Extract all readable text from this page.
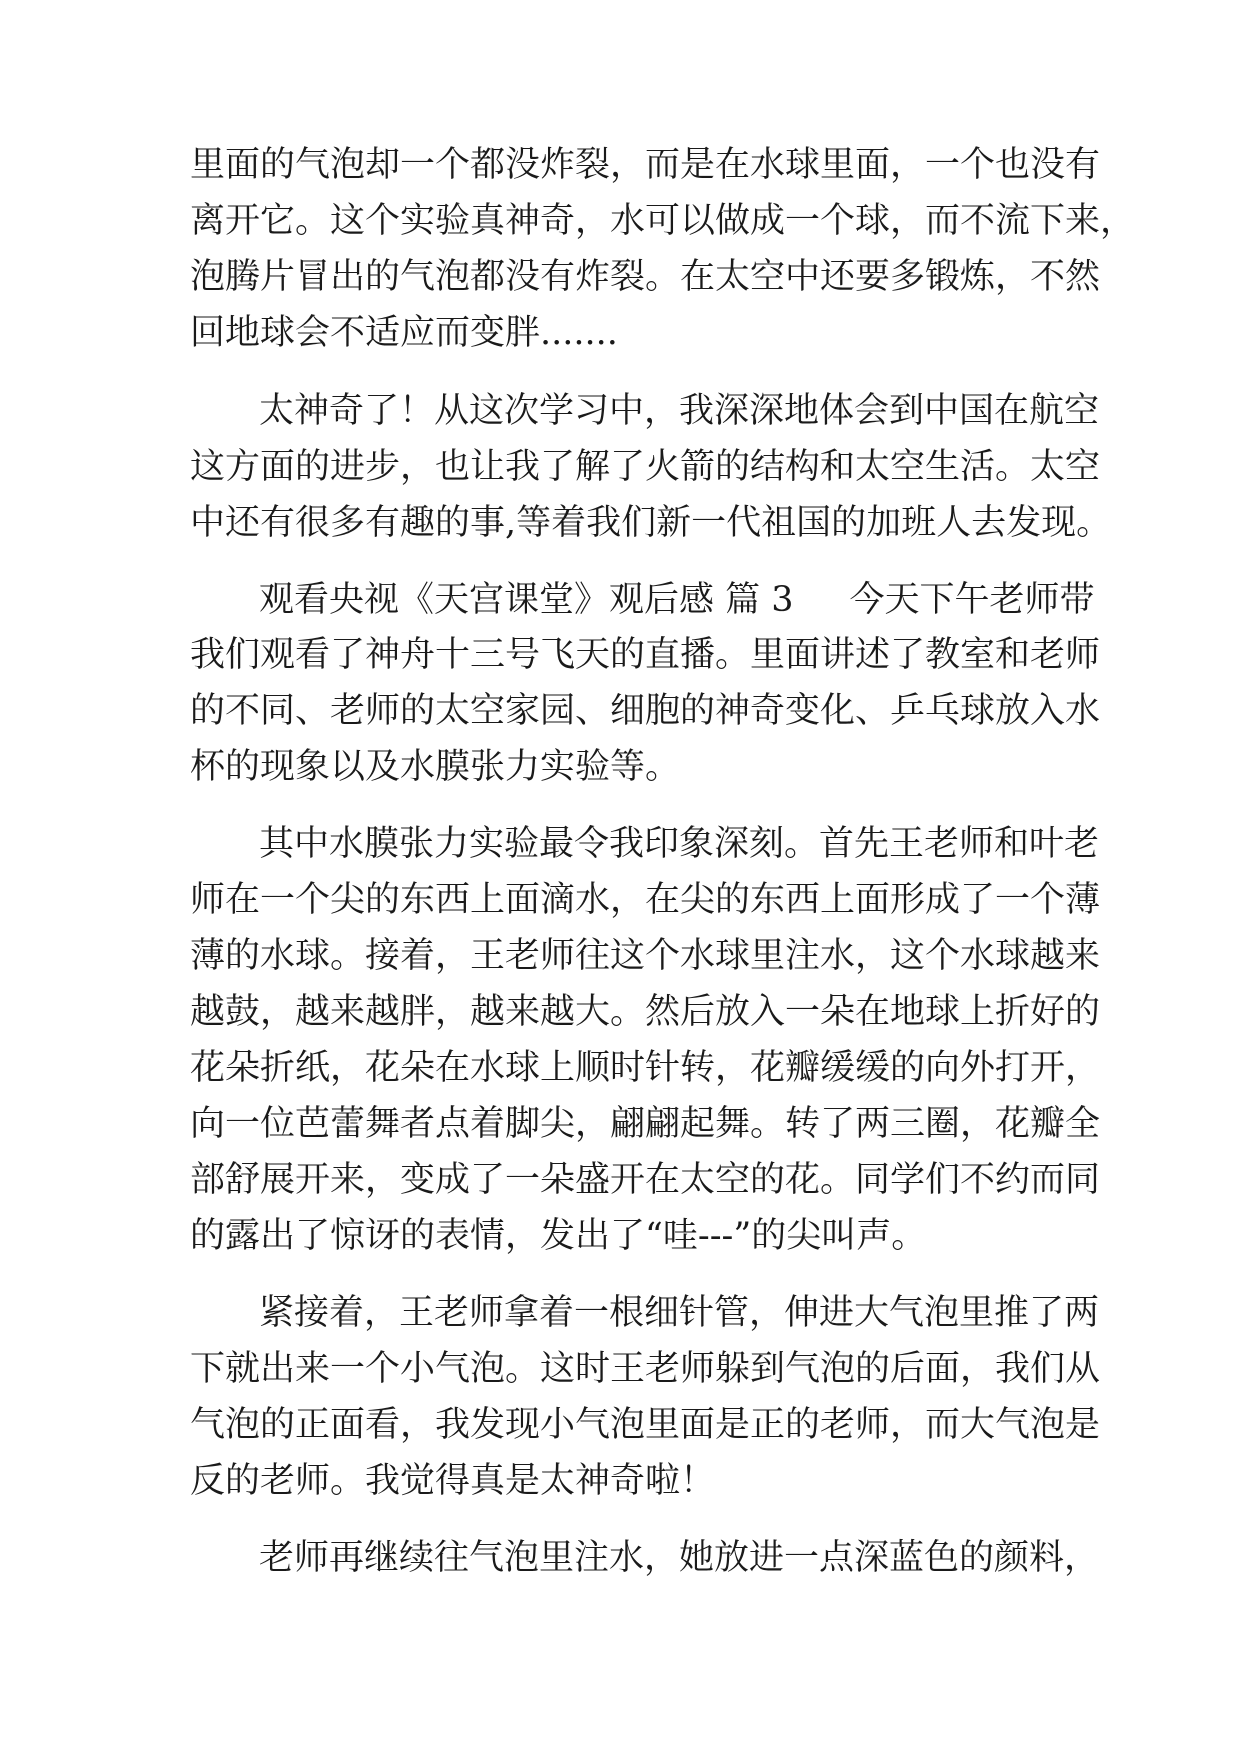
里面的气泡却一个都没炸裂，而是在水球里面，一个也没有
离开它。这个实验真神奇，水可以做成一个球，而不流下来，
泡腾片冒出的气泡都没有炸裂。在太空中还要多锻炼，不然
回地球会不适应而变胖.......
太神奇了！从这次学习中，我深深地体会到中国在航空
这方面的进步，也让我了解了火箭的结构和太空生活。太空
中还有很多有趣的事,等着我们新一代祖国的加班人去发现。
观看央视《天宫课堂》观后感 篇 3 今天下午老师带
我们观看了神舟十三号飞天的直播。里面讲述了教室和老师
的不同、老师的太空家园、细胞的神奇变化、乒乓球放入水
杯的现象以及水膜张力实验等。
其中水膜张力实验最令我印象深刻。首先王老师和叶老
师在一个尖的东西上面滴水，在尖的东西上面形成了一个薄
薄的水球。接着，王老师往这个水球里注水，这个水球越来
越鼓，越来越胖，越来越大。然后放入一朵在地球上折好的
花朵折纸，花朵在水球上顺时针转，花瓣缓缓的向外打开，
向一位芭蕾舞者点着脚尖，翩翩起舞。转了两三圈，花瓣全
部舒展开来，变成了一朵盛开在太空的花。同学们不约而同
的露出了惊讶的表情，发出了“哇---”的尖叫声。
紧接着，王老师拿着一根细针管，伸进大气泡里推了两
下就出来一个小气泡。这时王老师躲到气泡的后面，我们从
气泡的正面看，我发现小气泡里面是正的老师，而大气泡是
反的老师。我觉得真是太神奇啦！
老师再继续往气泡里注水，她放进一点深蓝色的颜料，
